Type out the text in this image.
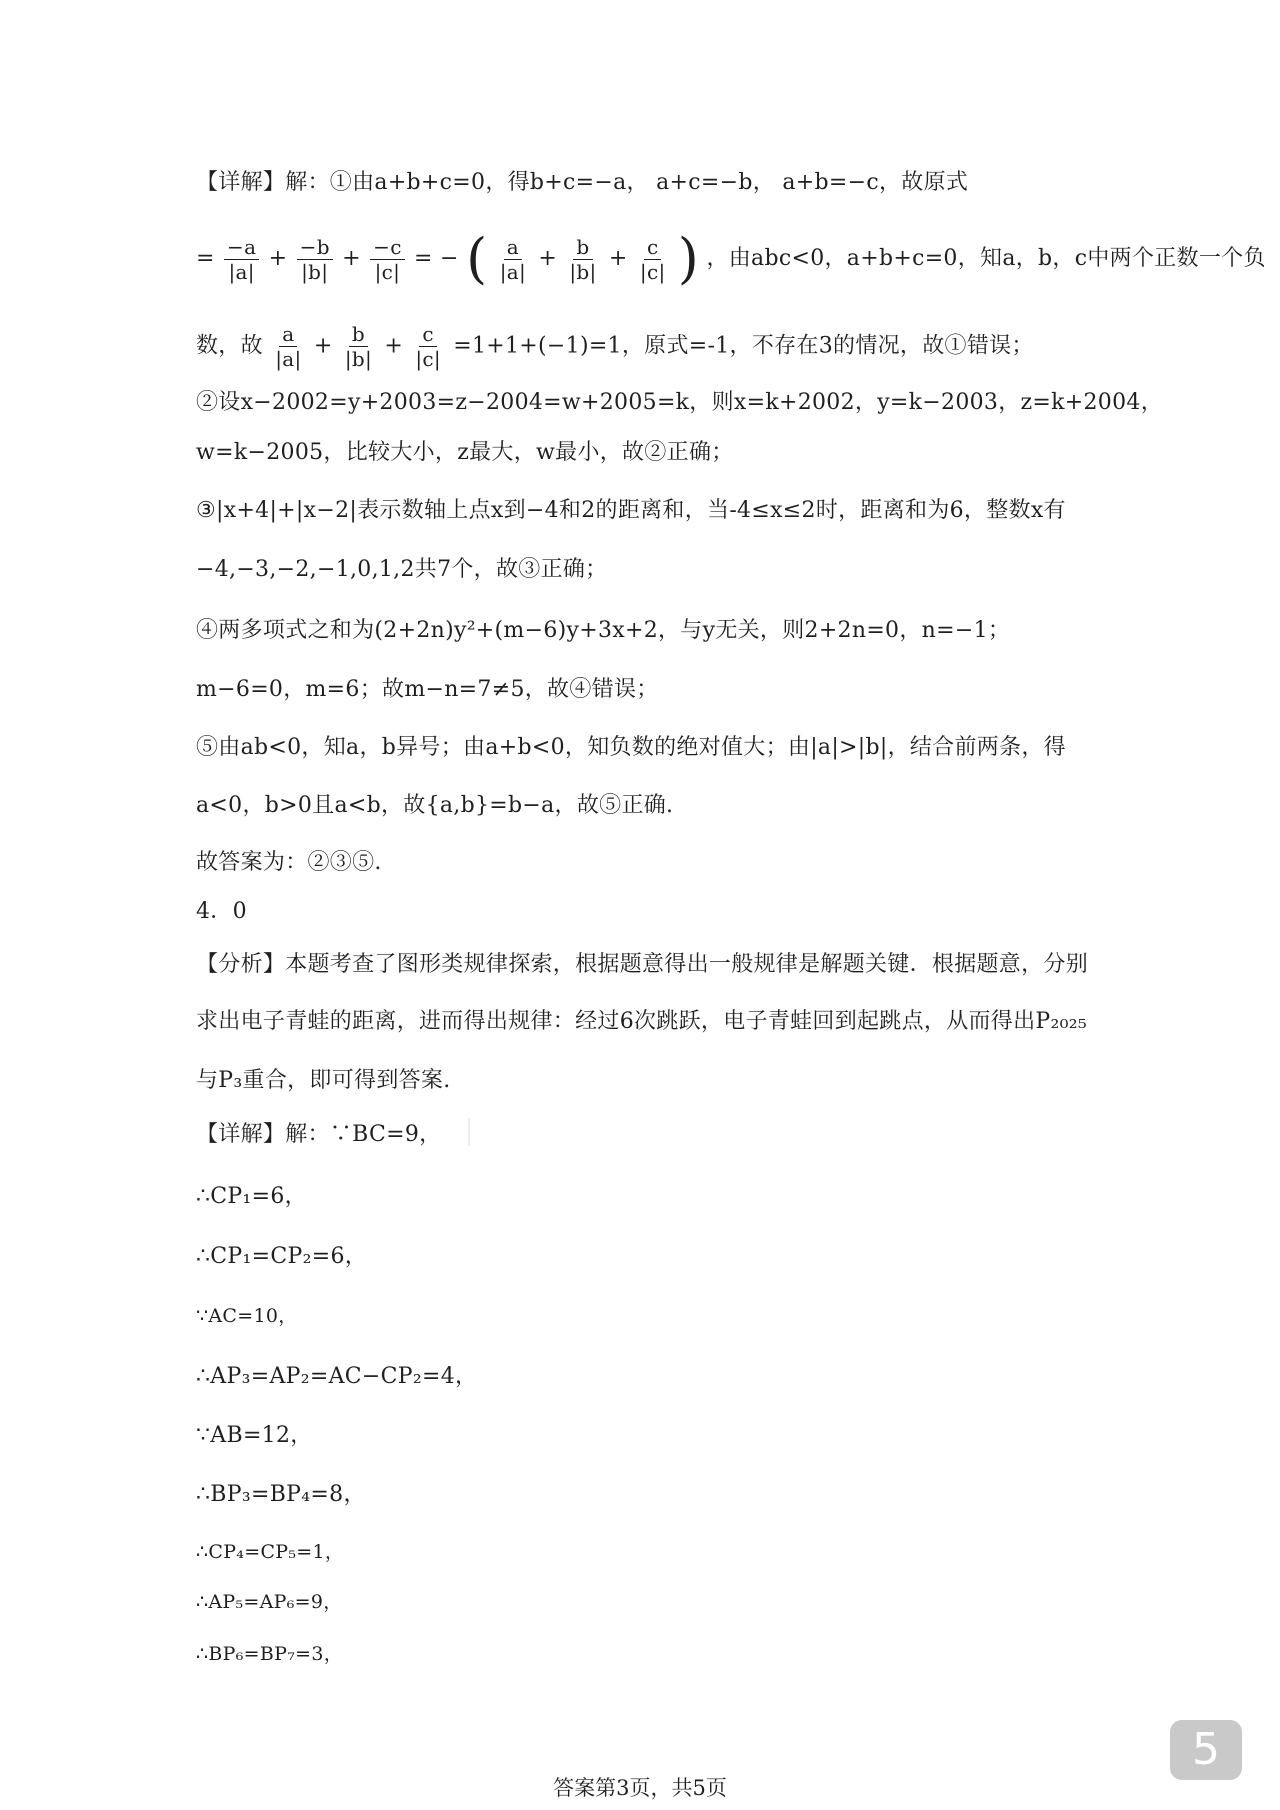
【详解】解：①由a+b+c=0，得b+c=−a， a+c=−b， a+b=−c，故原式
= $\frac{-a}{|a|} + \frac{-b}{|b|} + \frac{-c}{|c|}$ = − ( $\frac{a}{|a|} + \frac{b}{|b|} + \frac{c}{|c|}$ ) ，由abc<0，a+b+c=0，知a，b，c中两个正数一个负
数，故 $\frac{a}{|a|} + \frac{b}{|b|} + \frac{c}{|c|} =1+1+(-1)=1$，原式=-1，不存在3的情况，故①错误；
②设x−2002=y+2003=z−2004=w+2005=k，则x=k+2002，y=k−2003，z=k+2004，
w=k−2005，比较大小，z最大，w最小，故②正确；
③|x+4|+|x−2|表示数轴上点x到−4和2的距离和，当-4≤x≤2时，距离和为6，整数x有
−4,−3,−2,−1,0,1,2共7个，故③正确；
④两多项式之和为(2+2n)y²+(m−6)y+3x+2，与y无关，则2+2n=0，n=−1；
m−6=0，m=6；故m−n=7≠5，故④错误；
⑤由ab<0，知a，b异号；由a+b<0，知负数的绝对值大；由|a|>|b|，结合前两条，得
a<0，b>0且a<b，故{a,b}=b−a，故⑤正确.
故答案为：②③⑤.
4．0
【分析】本题考查了图形类规律探索，根据题意得出一般规律是解题关键．根据题意，分别
求出电子青蛙的距离，进而得出规律：经过6次跳跃，电子青蛙回到起跳点，从而得出P₂₀₂₅
与P₃重合，即可得到答案.
【详解】解：∵BC=9，
∴CP₁=6，
∴CP₁=CP₂=6，
∵AC=10，
∴AP₃=AP₂=AC−CP₂=4，
∵AB=12，
∴BP₃=BP₄=8，
∴CP₄=CP₅=1，
∴AP₅=AP₆=9，
∴BP₆=BP₇=3，
答案第3页，共5页
5
